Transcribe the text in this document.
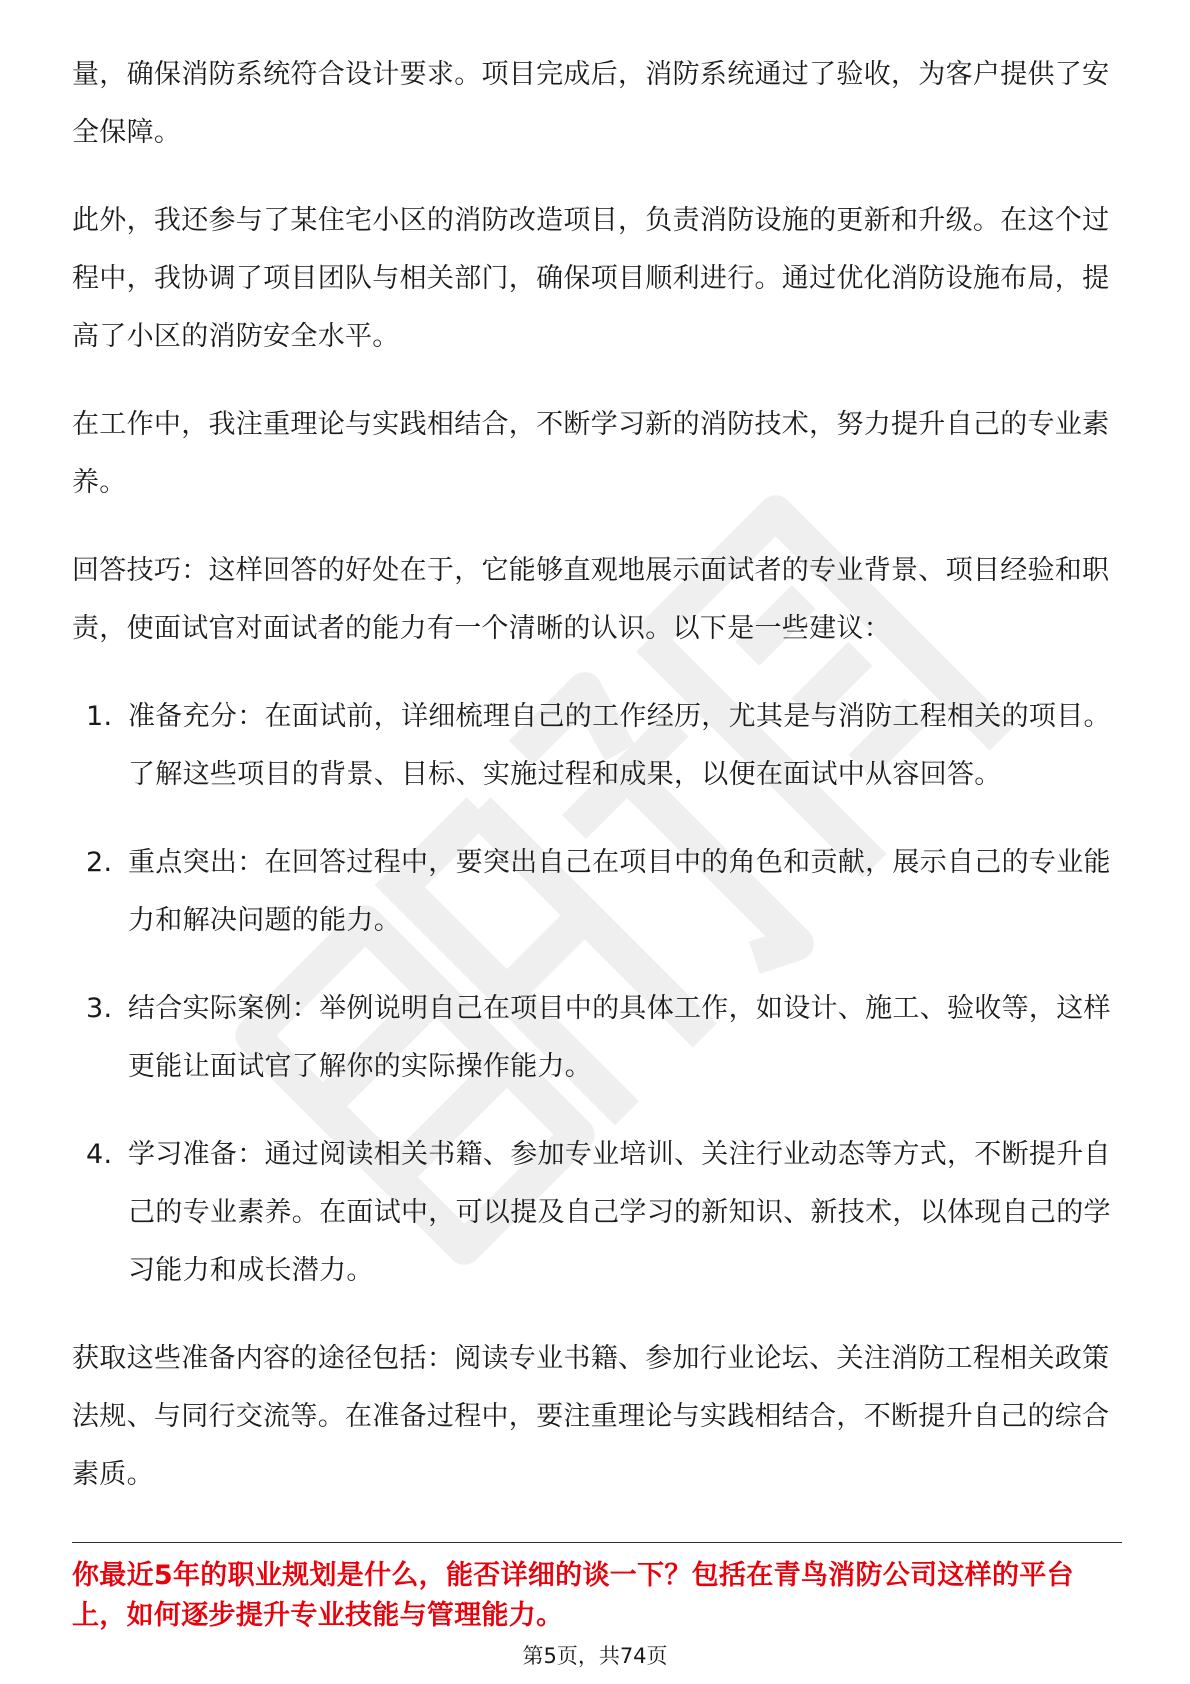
量，确保消防系统符合设计要求。项目完成后，消防系统通过了验收，为客户提供了安全保障。

此外，我还参与了某住宅小区的消防改造项目，负责消防设施的更新和升级。在这个过程中，我协调了项目团队与相关部门，确保项目顺利进行。通过优化消防设施布局，提高了小区的消防安全水平。

在工作中，我注重理论与实践相结合，不断学习新的消防技术，努力提升自己的专业素养。

回答技巧：这样回答的好处在于，它能够直观地展示面试者的专业背景、项目经验和职责，使面试官对面试者的能力有一个清晰的认识。以下是一些建议：

1. 准备充分：在面试前，详细梳理自己的工作经历，尤其是与消防工程相关的项目。了解这些项目的背景、目标、实施过程和成果，以便在面试中从容回答。
2. 重点突出：在回答过程中，要突出自己在项目中的角色和贡献，展示自己的专业能力和解决问题的能力。
3. 结合实际案例：举例说明自己在项目中的具体工作，如设计、施工、验收等，这样更能让面试官了解你的实际操作能力。
4. 学习准备：通过阅读相关书籍、参加专业培训、关注行业动态等方式，不断提升自己的专业素养。在面试中，可以提及自己学习的新知识、新技术，以体现自己的学习能力和成长潜力。

获取这些准备内容的途径包括：阅读专业书籍、参加行业论坛、关注消防工程相关政策法规、与同行交流等。在准备过程中，要注重理论与实践相结合，不断提升自己的综合素质。

你最近5年的职业规划是什么，能否详细的谈一下？包括在青鸟消防公司这样的平台上，如何逐步提升专业技能与管理能力。
第5页，共74页
